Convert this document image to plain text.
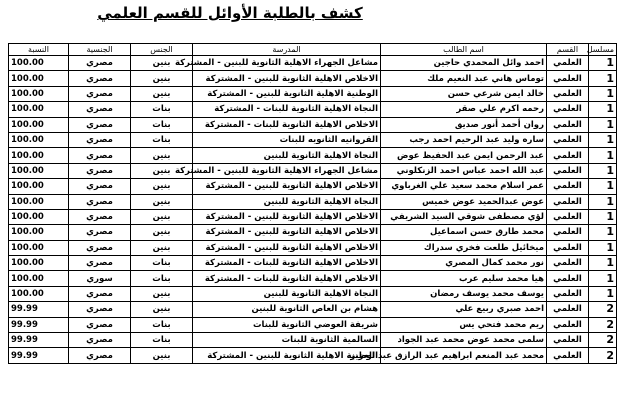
كشف بالطلبة الأوائل للقسم العلمي
مسلسل	القسم	اسم الطالب	المدرسة	الجنس	الجنسية	النسبة
1	العلمي	احمد وائل المحمدي حاجين	مشاعل الجهراء الاهلية الثانوية للبنين - المشتركة	بنين	مصري	100.00
1	العلمي	توماس هاني عبد النعيم ملك	الاخلاص الاهلية الثانوية للبنين - المشتركة	بنين	مصري	100.00
1	العلمي	خالد ايمن شرعي حسن	الوطنية الاهلية الثانوية للبنين - المشتركة	بنين	مصري	100.00
1	العلمي	رحمه اكرم علي صقر	النجاة الاهلية الثانوية للبنات - المشتركة	بنات	مصري	100.00
1	العلمي	روان أحمد أنور صديق	الاخلاص الاهلية الثانوية للبنات - المشتركة	بنات	مصري	100.00
1	العلمي	ساره وليد عبد الرحيم احمد رجب	القروانيه الثانويه للبنات	بنات	مصري	100.00
1	العلمي	عبد الرحمن ايمن عبد الحفيظ عوض	النجاة الاهلية الثانوية للبنين	بنين	مصري	100.00
1	العلمي	عبد الله احمد عباس احمد الزنكلوني	مشاعل الجهراء الاهلية الثانوية للبنين - المشتركة	بنين	مصري	100.00
1	العلمي	عمر اسلام محمد سعيد علي الغرباوي	الاخلاص الاهلية الثانوية للبنين - المشتركة	بنين	مصري	100.00
1	العلمي	عوض عبدالحميد عوض خميس	النجاة الاهلية الثانوية للبنين	بنين	مصري	100.00
1	العلمي	لؤي مصطفى شوقي السيد الشريفي	الاخلاص الاهلية الثانوية للبنين - المشتركة	بنين	مصري	100.00
1	العلمي	محمد طارق حسن اسماعيل	الاخلاص الاهلية الثانوية للبنين - المشتركة	بنين	مصري	100.00
1	العلمي	ميخائيل طلعت فخري سدراك	الاخلاص الاهلية الثانوية للبنين - المشتركة	بنين	مصري	100.00
1	العلمي	نور محمد كمال المصري	الاخلاص الاهلية الثانوية للبنات - المشتركة	بنات	مصري	100.00
1	العلمي	هيا محمد سليم عرب	الاخلاص الاهلية الثانوية للبنات - المشتركة	بنات	سوري	100.00
1	العلمي	يوسف محمد يوسف رمضان	النجاة الاهلية الثانوية للبنين	بنين	مصري	100.00
2	العلمي	احمد صبري ربيع علي	هشام بن العاص الثانوية للبنين	بنين	مصري	99.99
2	العلمي	ريم محمد فتحي يس	شريفة العوضي الثانوية للبنات	بنات	مصري	99.99
2	العلمي	سلمى محمد عوض محمد عبد الجواد	السالمية الثانوية للبنات	بنات	مصري	99.99
2	العلمي	محمد عبد المنعم ابراهيم عبد الرازق عبد العزيز	الوطنية الاهلية الثانوية للبنين - المشتركة	بنين	مصري	99.99
